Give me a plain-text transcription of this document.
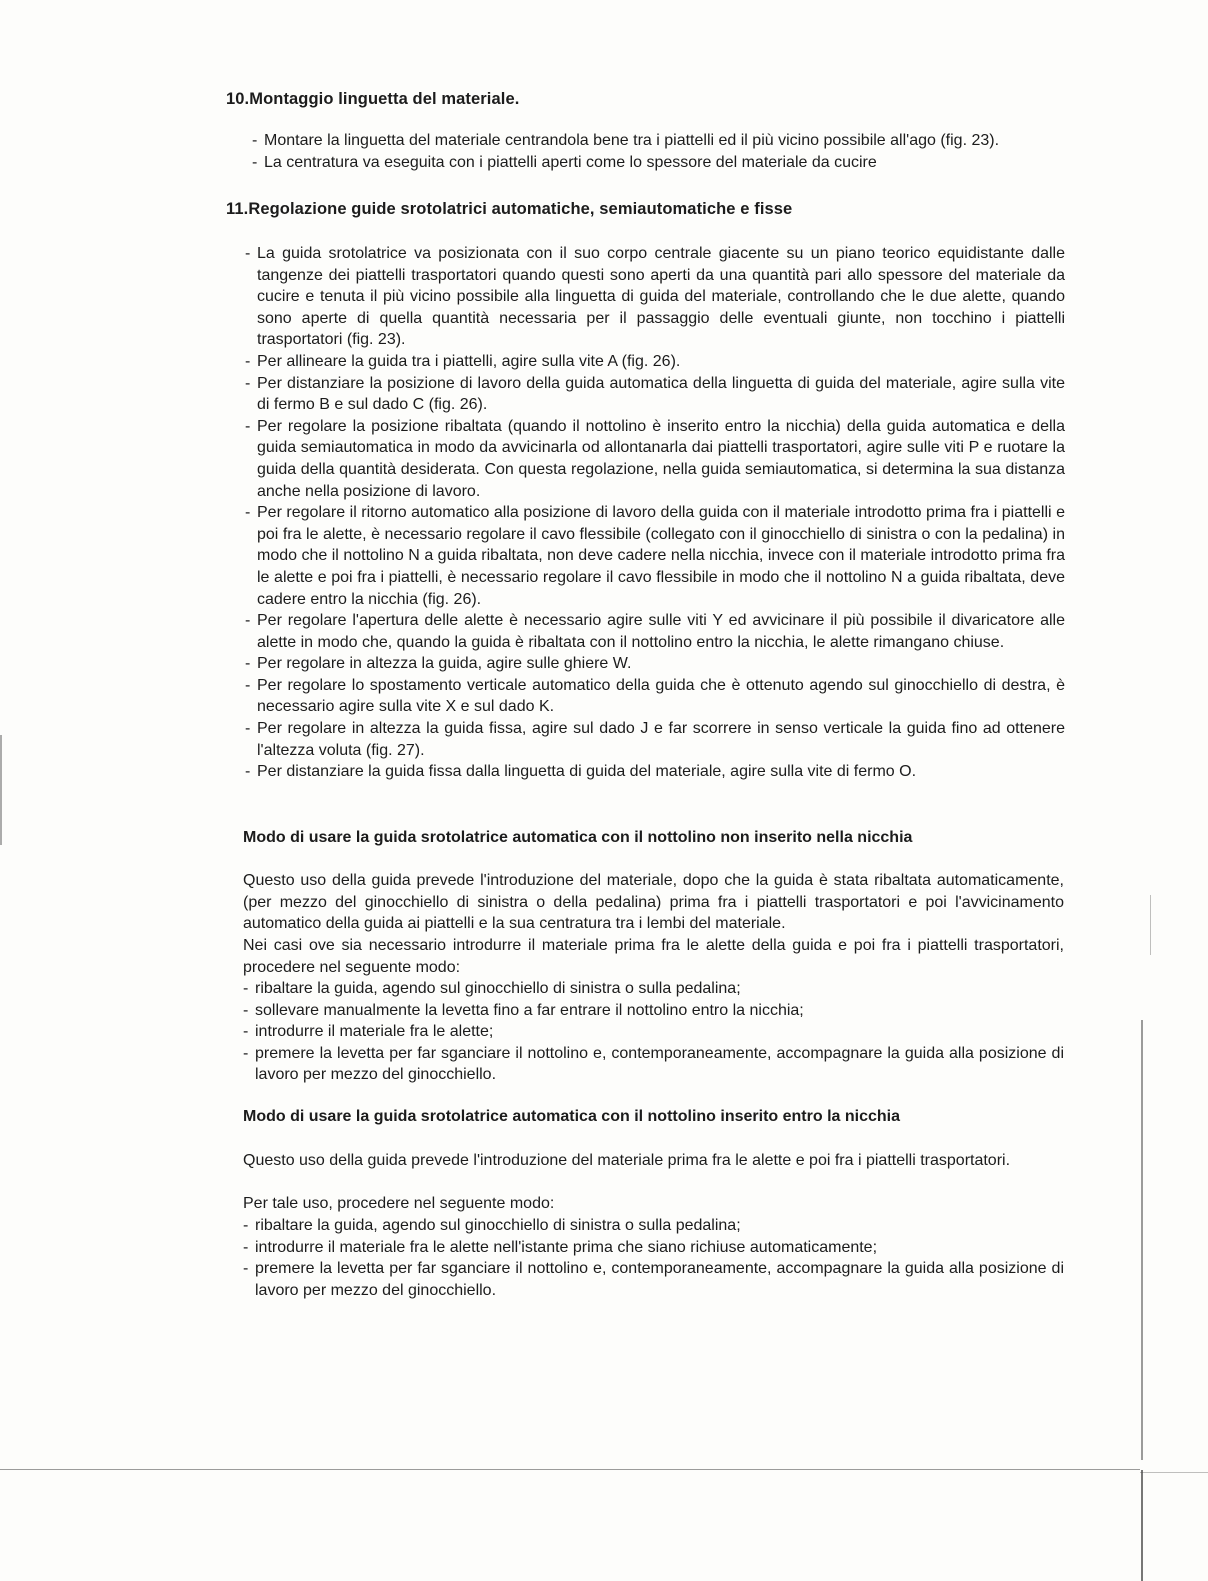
10.Montaggio linguetta del materiale.
- Montare la linguetta del materiale centrandola bene tra i piattelli ed il più vicino possibile all'ago (fig. 23).
- La centratura va eseguita con i piattelli aperti come lo spessore del materiale da cucire
11.Regolazione guide srotolatrici automatiche, semiautomatiche e fisse
- La guida srotolatrice va posizionata con il suo corpo centrale giacente su un piano teorico equidistante dalle tangenze dei piattelli trasportatori quando questi sono aperti da una quantità pari allo spessore del materiale da cucire e tenuta il più vicino possibile alla linguetta di guida del materiale, controllando che le due alette, quando sono aperte di quella quantità necessaria per il passaggio delle eventuali giunte, non tocchino i piattelli trasportatori (fig. 23).
- Per allineare la guida tra i piattelli, agire sulla vite A (fig. 26).
- Per distanziare la posizione di lavoro della guida automatica della linguetta di guida del materiale, agire sulla vite di fermo B e sul dado C (fig. 26).
- Per regolare la posizione ribaltata (quando il nottolino è inserito entro la nicchia) della guida automatica e della guida semiautomatica in modo da avvicinarla od allontanarla dai piattelli trasportatori, agire sulle viti P e ruotare la guida della quantità desiderata. Con questa regolazione, nella guida semiautomatica, si determina la sua distanza anche nella posizione di lavoro.
- Per regolare il ritorno automatico alla posizione di lavoro della guida con il materiale introdotto prima fra i piattelli e poi fra le alette, è necessario regolare il cavo flessibile (collegato con il ginocchiello di sinistra o con la pedalina) in modo che il nottolino N a guida ribaltata, non deve cadere nella nicchia, invece con il materiale introdotto prima fra le alette e poi fra i piattelli, è necessario regolare il cavo flessibile in modo che il nottolino N a guida ribaltata, deve cadere entro la nicchia (fig. 26).
- Per regolare l'apertura delle alette è necessario agire sulle viti Y ed avvicinare il più possibile il divaricatore alle alette in modo che, quando la guida è ribaltata con il nottolino entro la nicchia, le alette rimangano chiuse.
- Per regolare in altezza la guida, agire sulle ghiere W.
- Per regolare lo spostamento verticale automatico della guida che è ottenuto agendo sul ginocchiello di destra, è necessario agire sulla vite X e sul dado K.
- Per regolare in altezza la guida fissa, agire sul dado J e far scorrere in senso verticale la guida fino ad ottenere l'altezza voluta (fig. 27).
- Per distanziare la guida fissa dalla linguetta di guida del materiale, agire sulla vite di fermo O.
Modo di usare la guida srotolatrice automatica con il nottolino non inserito nella nicchia

Questo uso della guida prevede l'introduzione del materiale, dopo che la guida è stata ribaltata automaticamente, (per mezzo del ginocchiello di sinistra o della pedalina) prima fra i piattelli trasportatori e poi l'avvicinamento automatico della guida ai piattelli e la sua centratura tra i lembi del materiale.

Nei casi ove sia necessario introdurre il materiale prima fra le alette della guida e poi fra i piattelli trasportatori, procedere nel seguente modo:

- ribaltare la guida, agendo sul ginocchiello di sinistra o sulla pedalina;
- sollevare manualmente la levetta fino a far entrare il nottolino entro la nicchia;
- introdurre il materiale fra le alette;
- premere la levetta per far sganciare il nottolino e, contemporaneamente, accompagnare la guida alla posizione di lavoro per mezzo del ginocchiello.
Modo di usare la guida srotolatrice automatica con il nottolino inserito entro la nicchia

Questo uso della guida prevede l'introduzione del materiale prima fra le alette e poi fra i piattelli trasportatori.

Per tale uso, procedere nel seguente modo:

- ribaltare la guida, agendo sul ginocchiello di sinistra o sulla pedalina;
- introdurre il materiale fra le alette nell'istante prima che siano richiuse automaticamente;
- premere la levetta per far sganciare il nottolino e, contemporaneamente, accompagnare la guida alla posizione di lavoro per mezzo del ginocchiello.
